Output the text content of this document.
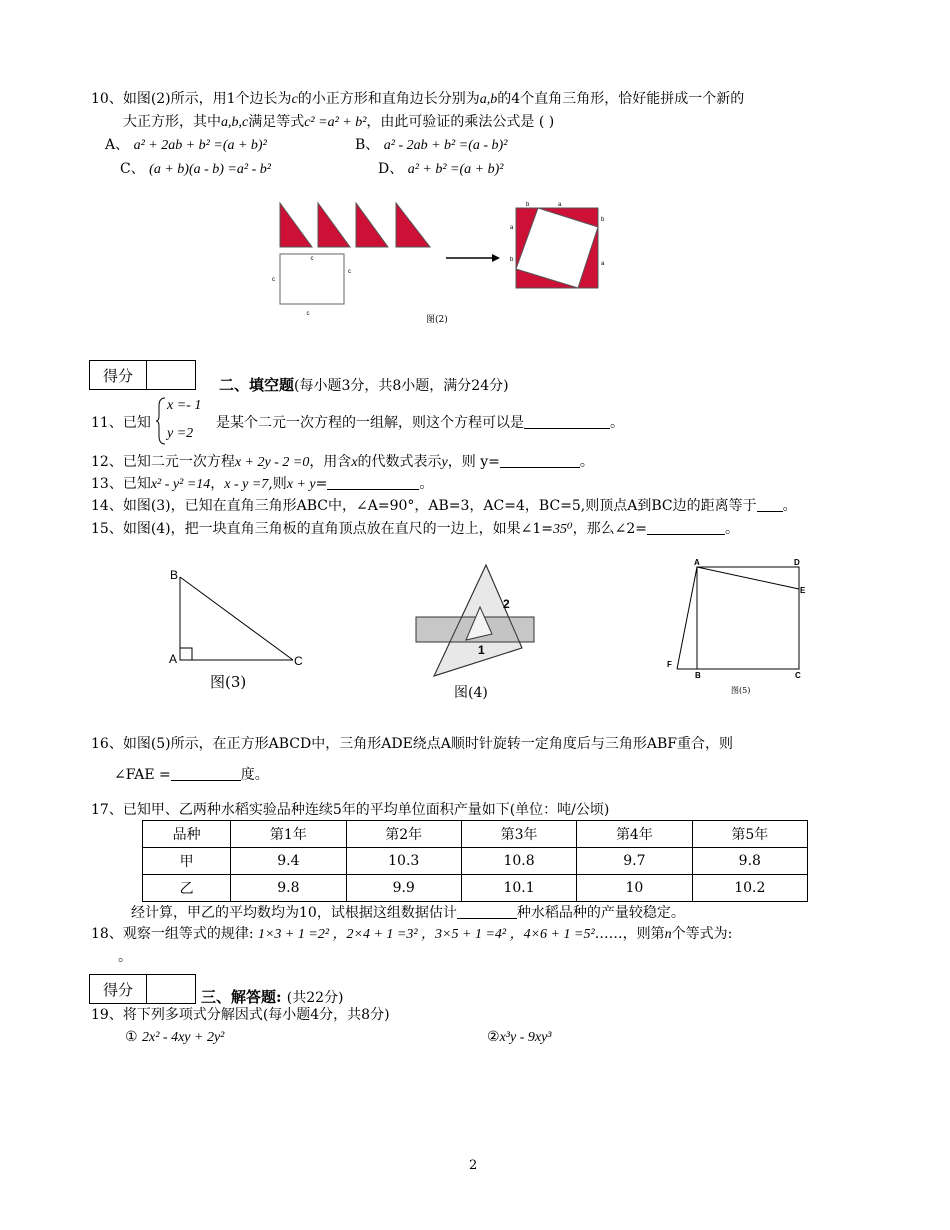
10、如图(2)所示，用1个边长为c的小正方形和直角边长分别为a,b的4个直角三角形，恰好能拼成一个新的
大正方形，其中a,b,c满足等式c² =a² + b²，由此可验证的乘法公式是 ( )
A、 a² + 2ab + b² =(a + b)²	B、 a² - 2ab + b² =(a - b)²
C、 (a + b)(a - b) =a² - b²	D、 a² + b² =(a + b)²
c
c
c
c
b	a
a
b
b
a
图(2)
得分
二、填空题(每小题3分，共8小题，满分24分)
11、已知
x =- 1
y =2
是某个二元一次方程的一组解，则这个方程可以是	。
12、已知二元一次方程x + 2y - 2 =0，用含x的代数式表示y，则 y=	。
13、已知x² - y² =14，x - y =7,则x + y=	。
14、如图(3)，已知在直角三角形ABC中，∠A=90°，AB=3，AC=4，BC=5,则顶点A到BC边的距离等于 。
15、如图(4)，把一块直角三角板的直角顶点放在直尺的一边上，如果∠1=35⁰，那么∠2=	。
B
A	C
图(3)
2
1
图(4)
A	D
E
F
B	C
图(5)
16、如图(5)所示，在正方形ABCD中，三角形ADE绕点A顺时针旋转一定角度后与三角形ABF重合，则
∠FAE =	度。
17、已知甲、乙两种水稻实验品种连续5年的平均单位面积产量如下(单位：吨/公顷)
品种	第1年	第2年	第3年	第4年	第5年
甲	9.4	10.3	10.8	9.7	9.8
乙	9.8	9.9	10.1	10	10.2
经计算，甲乙的平均数均为10，试根据这组数据估计	种水稻品种的产量较稳定。
18、观察一组等式的规律: 1×3 + 1 =2² ，2×4 + 1 =3² ，3×5 + 1 =4² ，4×6 + 1 =5²……，则第n个等式为:
。
得分	三、解答题: (共22分)
19、将下列多项式分解因式(每小题4分，共8分)
① 2x² - 4xy + 2y²	②x³y - 9xy³
2
